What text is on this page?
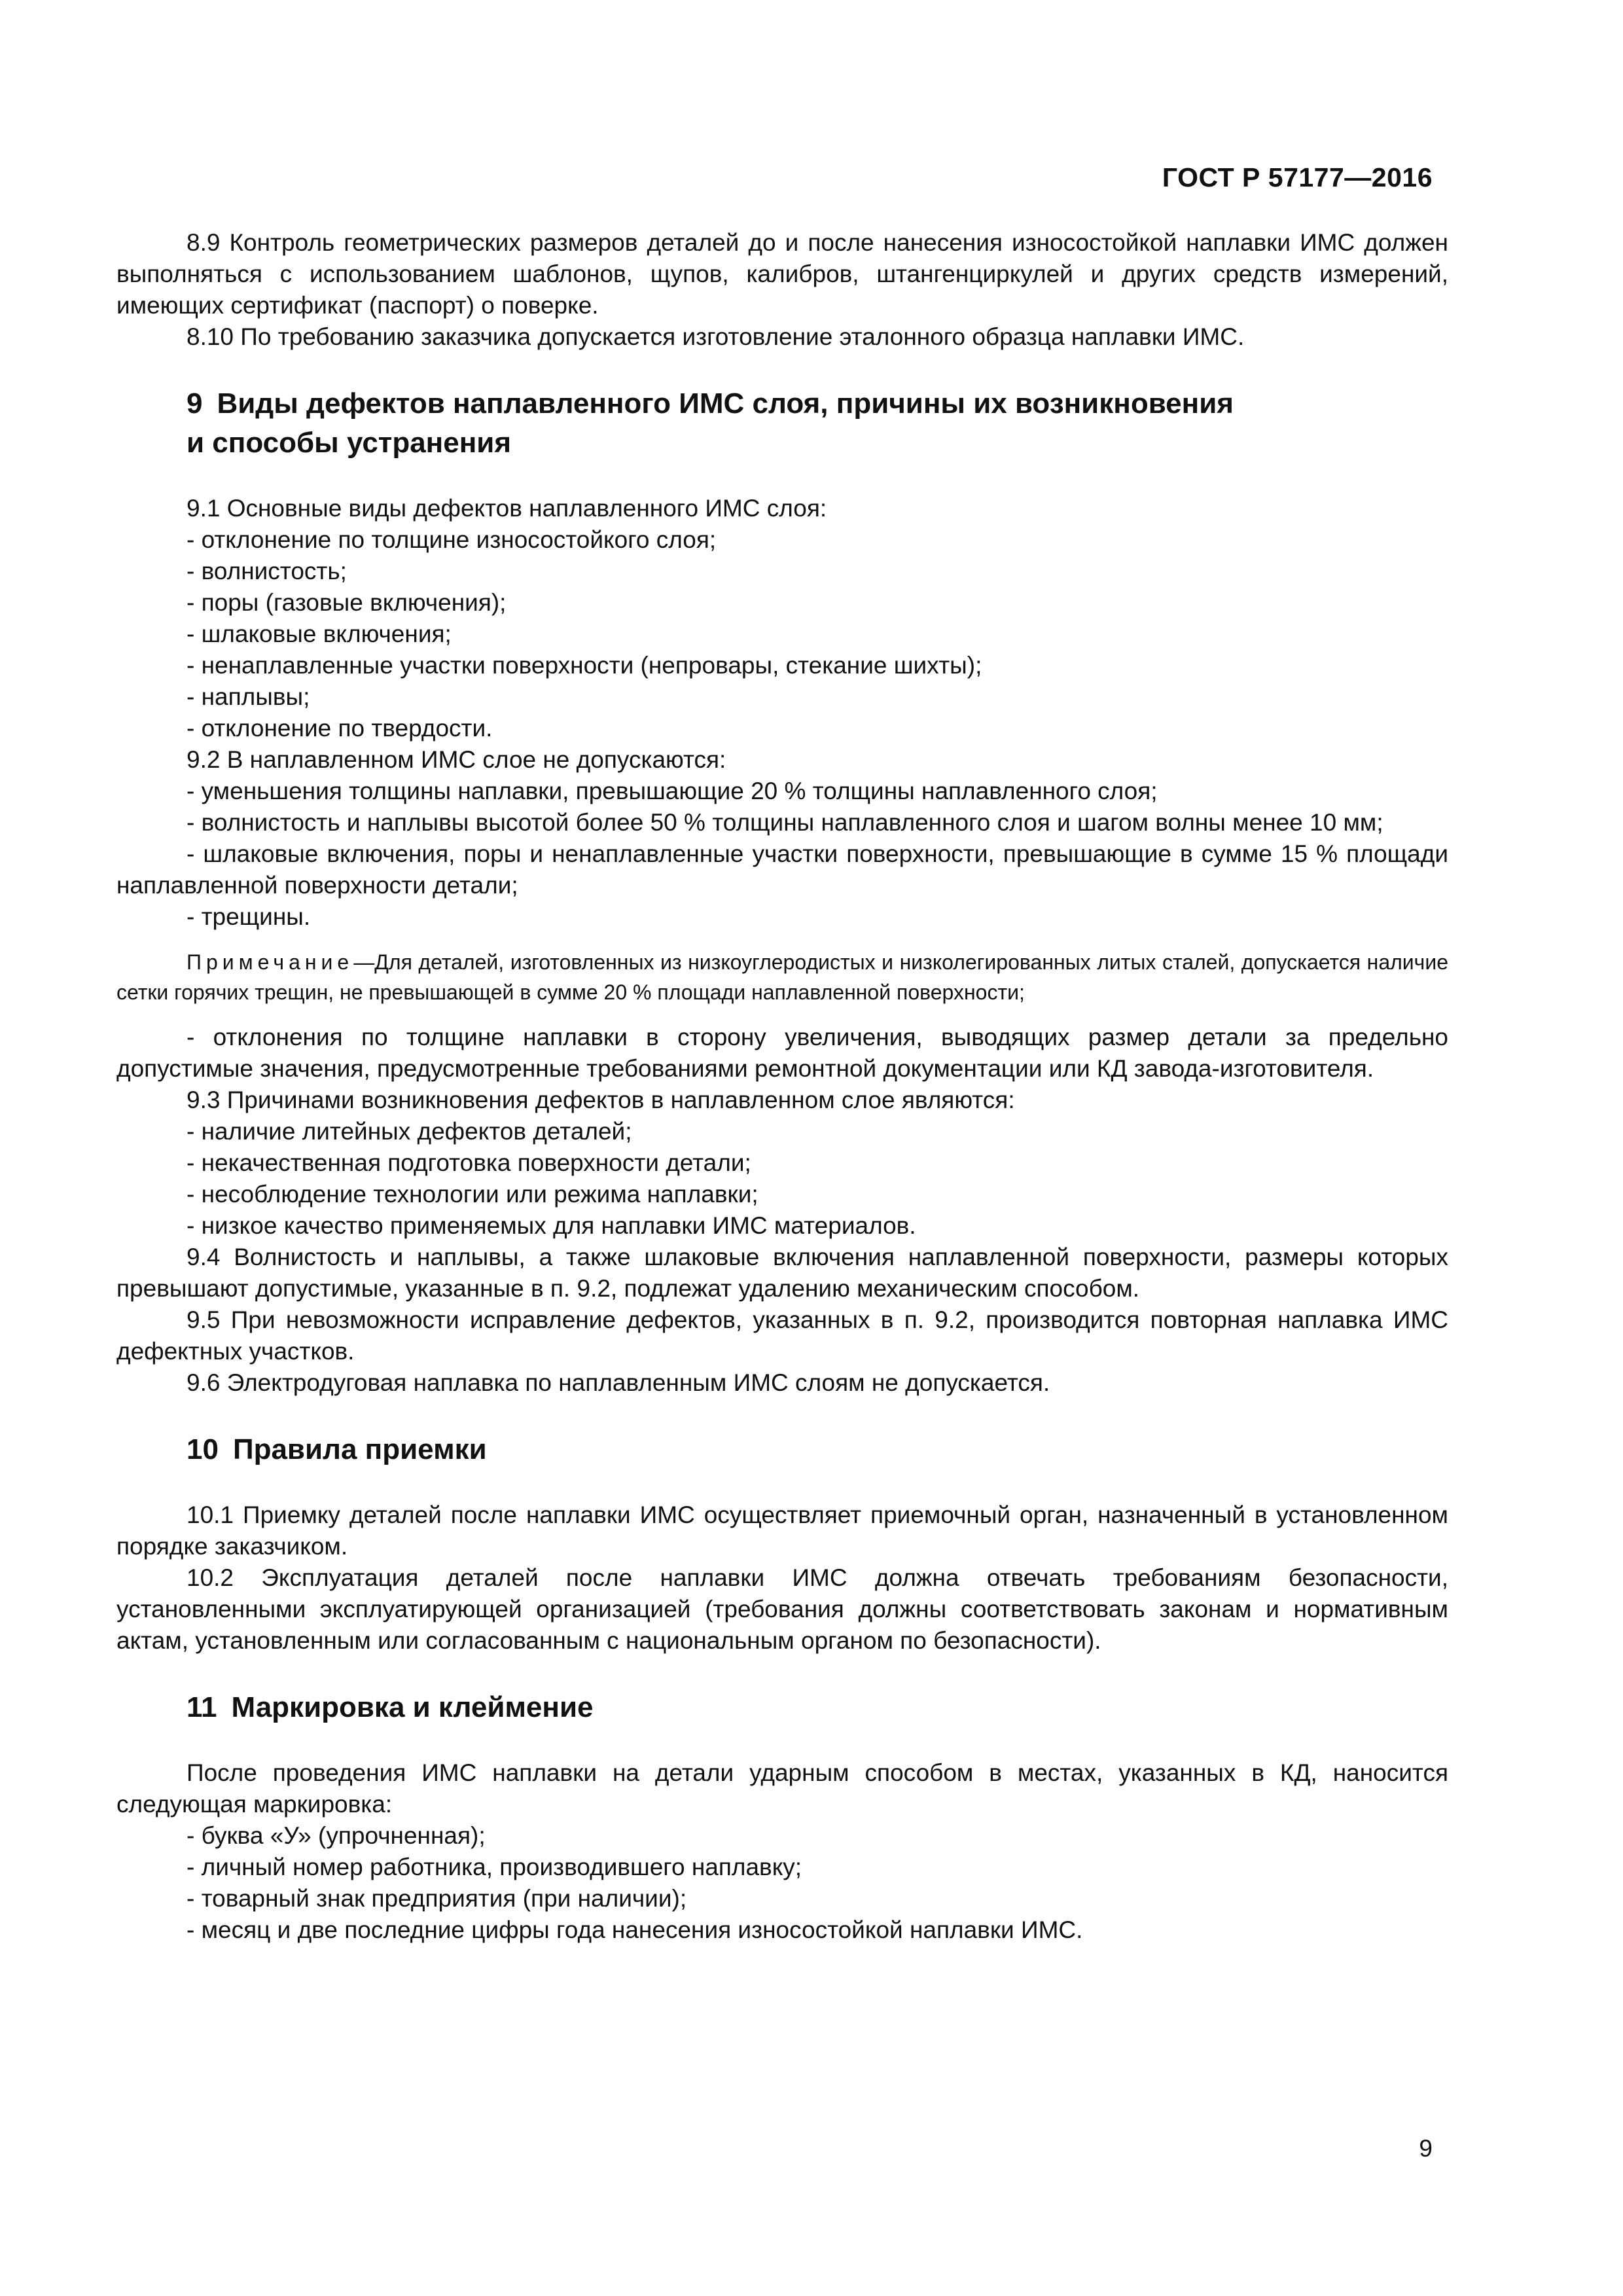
ГОСТ Р 57177—2016

8.9 Контроль геометрических размеров деталей до и после нанесения износостойкой наплавки ИМС должен выполняться с использованием шаблонов, щупов, калибров, штангенциркулей и других средств измерений, имеющих сертификат (паспорт) о поверке.

8.10 По требованию заказчика допускается изготовление эталонного образца наплавки ИМС.

9 Виды дефектов наплавленного ИМС слоя, причины их возникновения
и способы устранения

9.1 Основные виды дефектов наплавленного ИМС слоя:

- отклонение по толщине износостойкого слоя;

- волнистость;

- поры (газовые включения);

- шлаковые включения;

- ненаплавленные участки поверхности (непровары, стекание шихты);

- наплывы;

- отклонение по твердости.

9.2 В наплавленном ИМС слое не допускаются:

- уменьшения толщины наплавки, превышающие 20 % толщины наплавленного слоя;

- волнистость и наплывы высотой более 50 % толщины наплавленного слоя и шагом волны менее 10 мм;

- шлаковые включения, поры и ненаплавленные участки поверхности, превышающие в сумме 15 % площади наплавленной поверхности детали;

- трещины.

Примечание—Для деталей, изготовленных из низкоуглеродистых и низколегированных литых сталей, допускается наличие сетки горячих трещин, не превышающей в сумме 20 % площади наплавленной поверхности;

- отклонения по толщине наплавки в сторону увеличения, выводящих размер детали за предельно допустимые значения, предусмотренные требованиями ремонтной документации или КД завода-изготовителя.

9.3 Причинами возникновения дефектов в наплавленном слое являются:

- наличие литейных дефектов деталей;

- некачественная подготовка поверхности детали;

- несоблюдение технологии или режима наплавки;

- низкое качество применяемых для наплавки ИМС материалов.

9.4 Волнистость и наплывы, а также шлаковые включения наплавленной поверхности, размеры которых превышают допустимые, указанные в п. 9.2, подлежат удалению механическим способом.

9.5 При невозможности исправление дефектов, указанных в п. 9.2, производится повторная наплавка ИМС дефектных участков.

9.6 Электродуговая наплавка по наплавленным ИМС слоям не допускается.

10 Правила приемки

10.1 Приемку деталей после наплавки ИМС осуществляет приемочный орган, назначенный в установленном порядке заказчиком.

10.2 Эксплуатация деталей после наплавки ИМС должна отвечать требованиям безопасности, установленными эксплуатирующей организацией (требования должны соответствовать законам и нормативным актам, установленным или согласованным с национальным органом по безопасности).

11 Маркировка и клеймение

После проведения ИМС наплавки на детали ударным способом в местах, указанных в КД, наносится следующая маркировка:

- буква «У» (упрочненная);

- личный номер работника, производившего наплавку;

- товарный знак предприятия (при наличии);

- месяц и две последние цифры года нанесения износостойкой наплавки ИМС.

9
